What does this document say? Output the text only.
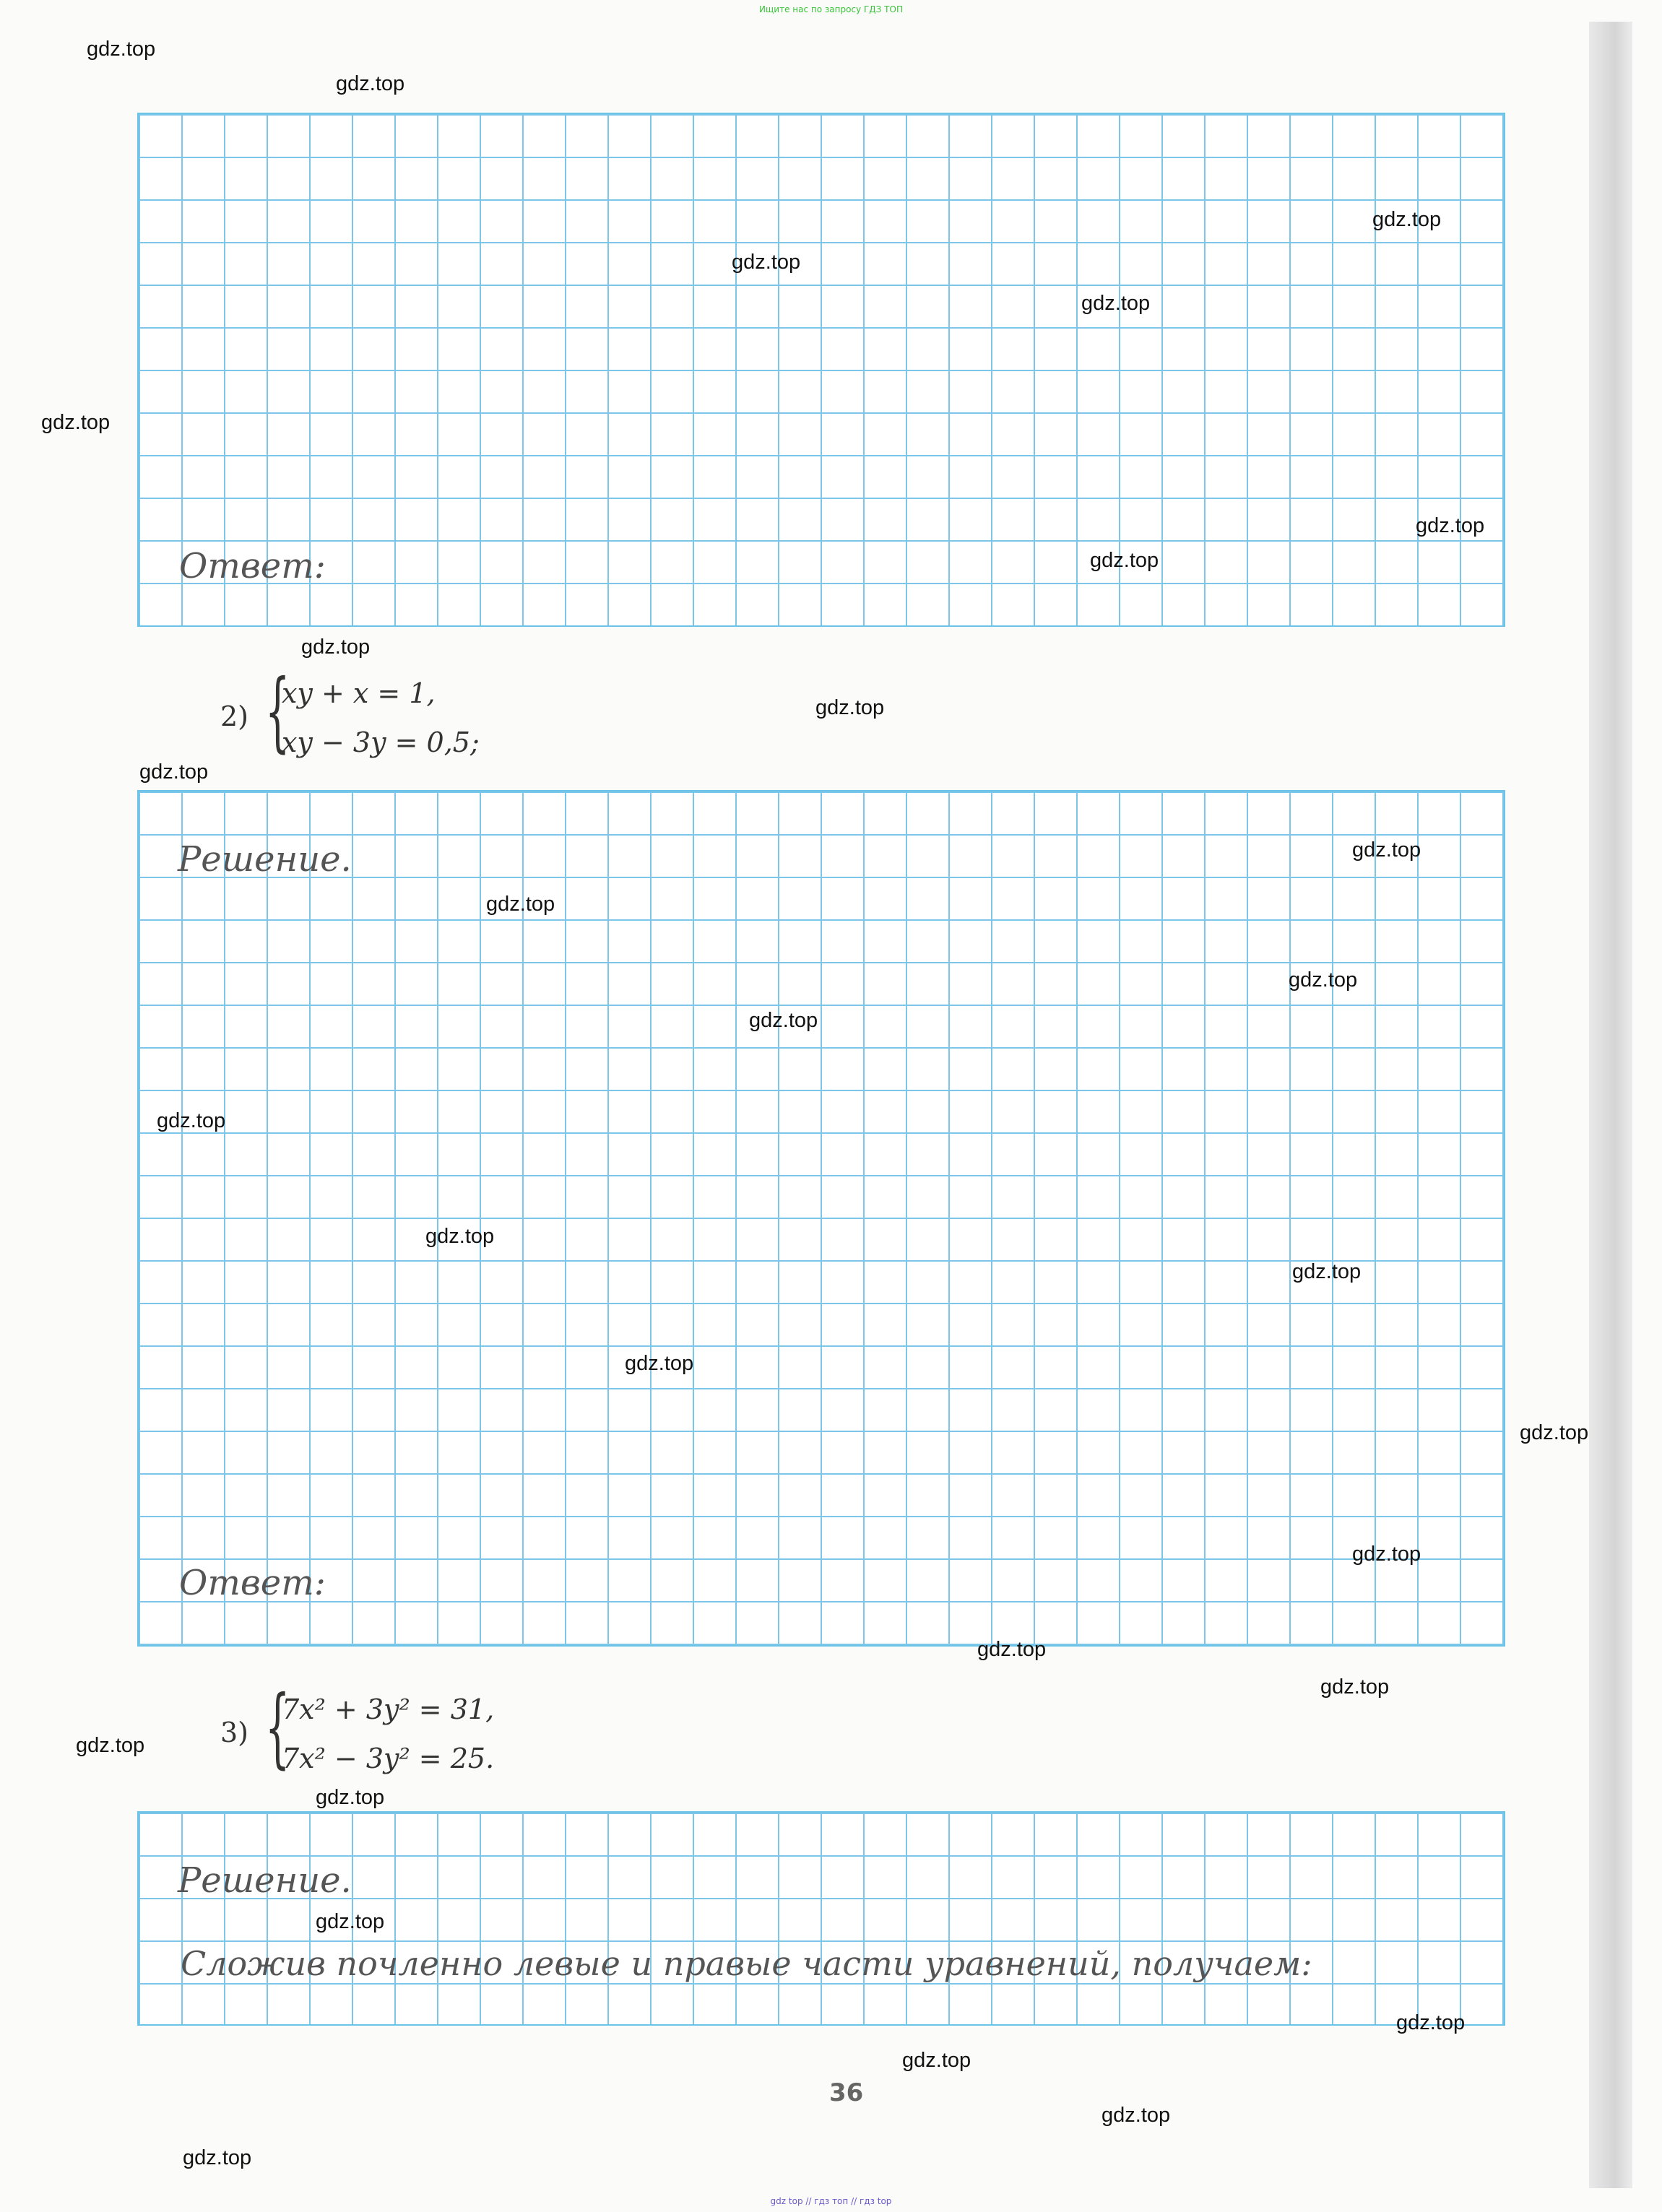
Ищите нас по запросу ГДЗ ТОП
Ответ:
2) {
xy + x = 1,
xy − 3y = 0,5;
Решение.
Ответ:
3) {
7x² + 3y² = 31,
7x² − 3y² = 25.
Решение.
Сложив почленно левые и правые части уравнений, получаем:
36
gdz top // гдз топ // гдз top
gdz.top
gdz.top
gdz.top
gdz.top
gdz.top
gdz.top
gdz.top
gdz.top
gdz.top
gdz.top
gdz.top
gdz.top
gdz.top
gdz.top
gdz.top
gdz.top
gdz.top
gdz.top
gdz.top
gdz.top
gdz.top
gdz.top
gdz.top
gdz.top
gdz.top
gdz.top
gdz.top
gdz.top
gdz.top
gdz.top
